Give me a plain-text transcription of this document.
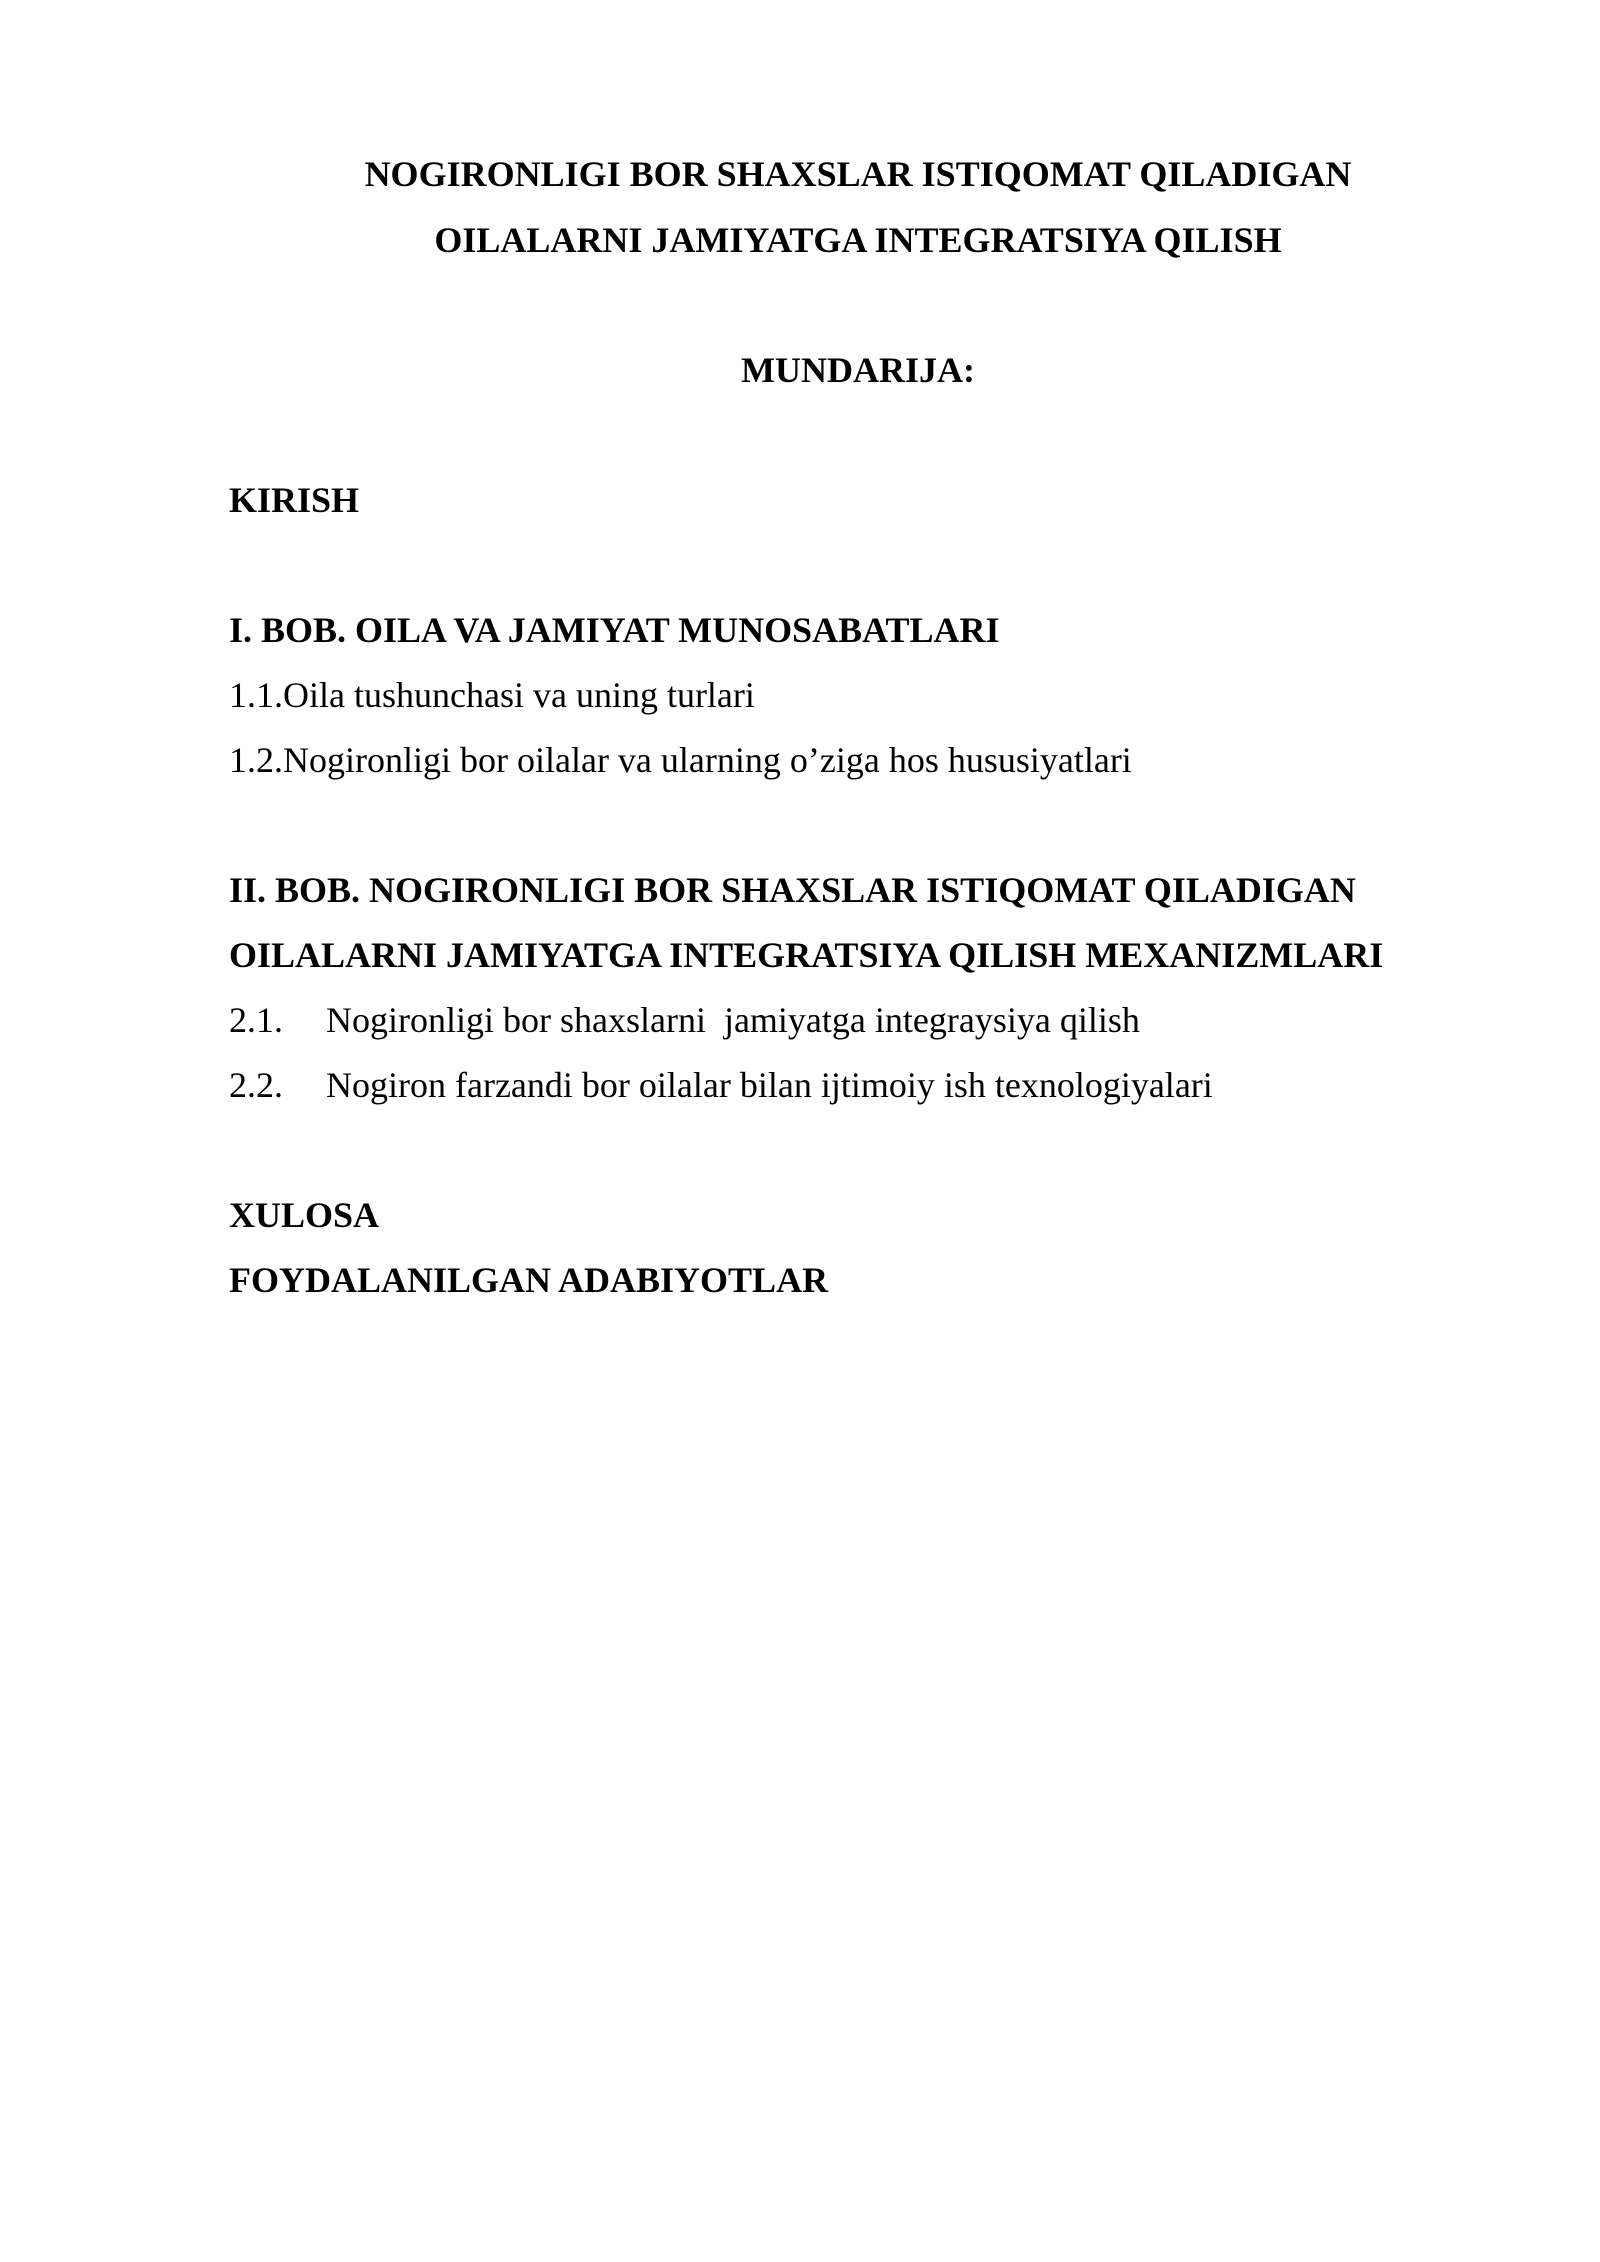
NOGIRONLIGI BOR SHAXSLAR ISTIQOMAT QILADIGAN
OILALARNI JAMIYATGA INTEGRATSIYA QILISH
MUNDARIJA:
KIRISH
I. BOB. OILA VA JAMIYAT MUNOSABATLARI
1.1.Oila tushunchasi va uning turlari
1.2.Nogironligi bor oilalar va ularning o’ziga hos hususiyatlari
II. BOB. NOGIRONLIGI BOR SHAXSLAR ISTIQOMAT QILADIGAN
OILALARNI JAMIYATGA INTEGRATSIYA QILISH MEXANIZMLARI
2.1. Nogironligi bor shaxslarni  jamiyatga integraysiya qilish
2.2. Nogiron farzandi bor oilalar bilan ijtimoiy ish texnologiyalari
XULOSA
FOYDALANILGAN ADABIYOTLAR
